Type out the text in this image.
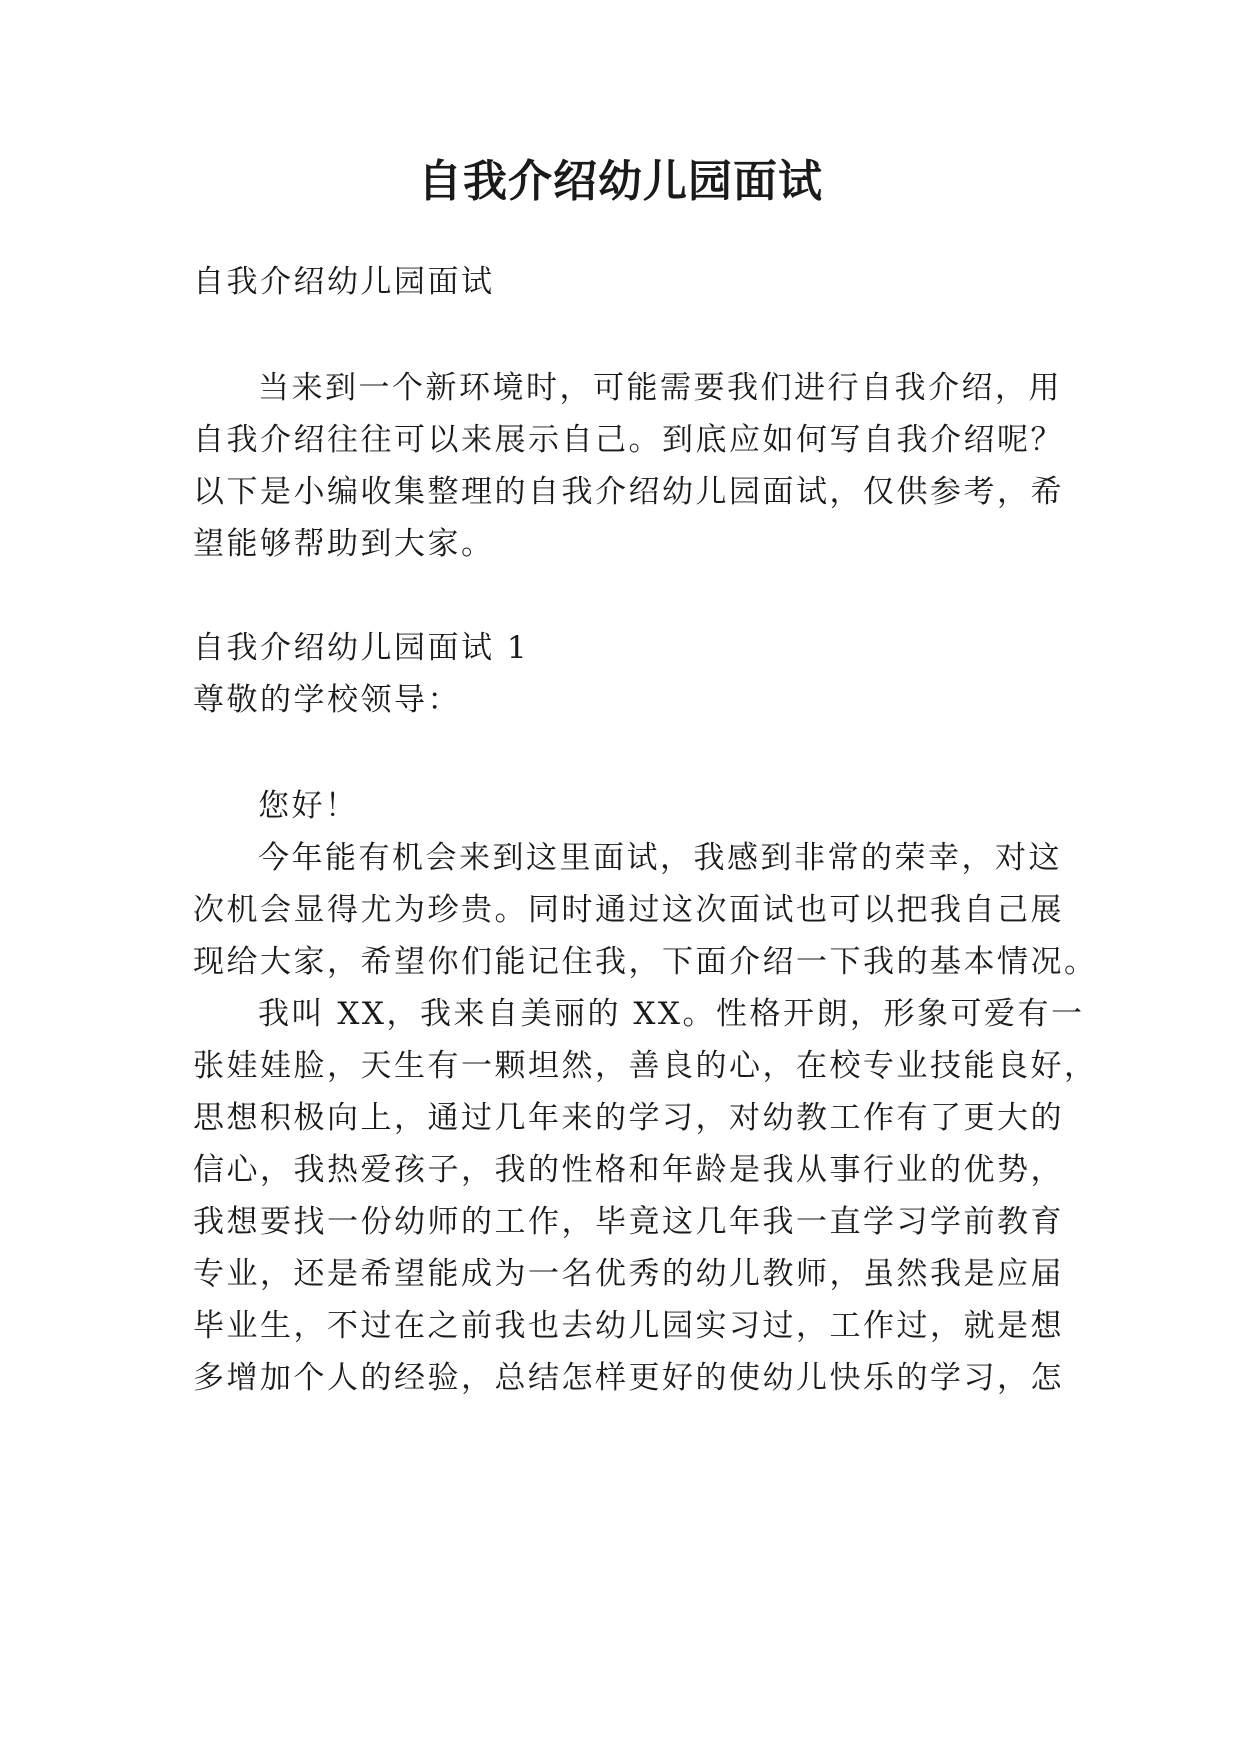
自我介绍幼儿园面试
自我介绍幼儿园面试
当来到一个新环境时，可能需要我们进行自我介绍，用
自我介绍往往可以来展示自己。到底应如何写自我介绍呢？
以下是小编收集整理的自我介绍幼儿园面试，仅供参考，希
望能够帮助到大家。
自我介绍幼儿园面试 1
尊敬的学校领导：
您好！
今年能有机会来到这里面试，我感到非常的荣幸，对这
次机会显得尤为珍贵。同时通过这次面试也可以把我自己展
现给大家，希望你们能记住我，下面介绍一下我的基本情况。
我叫 XX，我来自美丽的 XX。性格开朗，形象可爱有一
张娃娃脸，天生有一颗坦然，善良的心，在校专业技能良好，
思想积极向上，通过几年来的学习，对幼教工作有了更大的
信心，我热爱孩子，我的性格和年龄是我从事行业的优势，
我想要找一份幼师的工作，毕竟这几年我一直学习学前教育
专业，还是希望能成为一名优秀的幼儿教师，虽然我是应届
毕业生，不过在之前我也去幼儿园实习过，工作过，就是想
多增加个人的经验，总结怎样更好的使幼儿快乐的学习，怎
